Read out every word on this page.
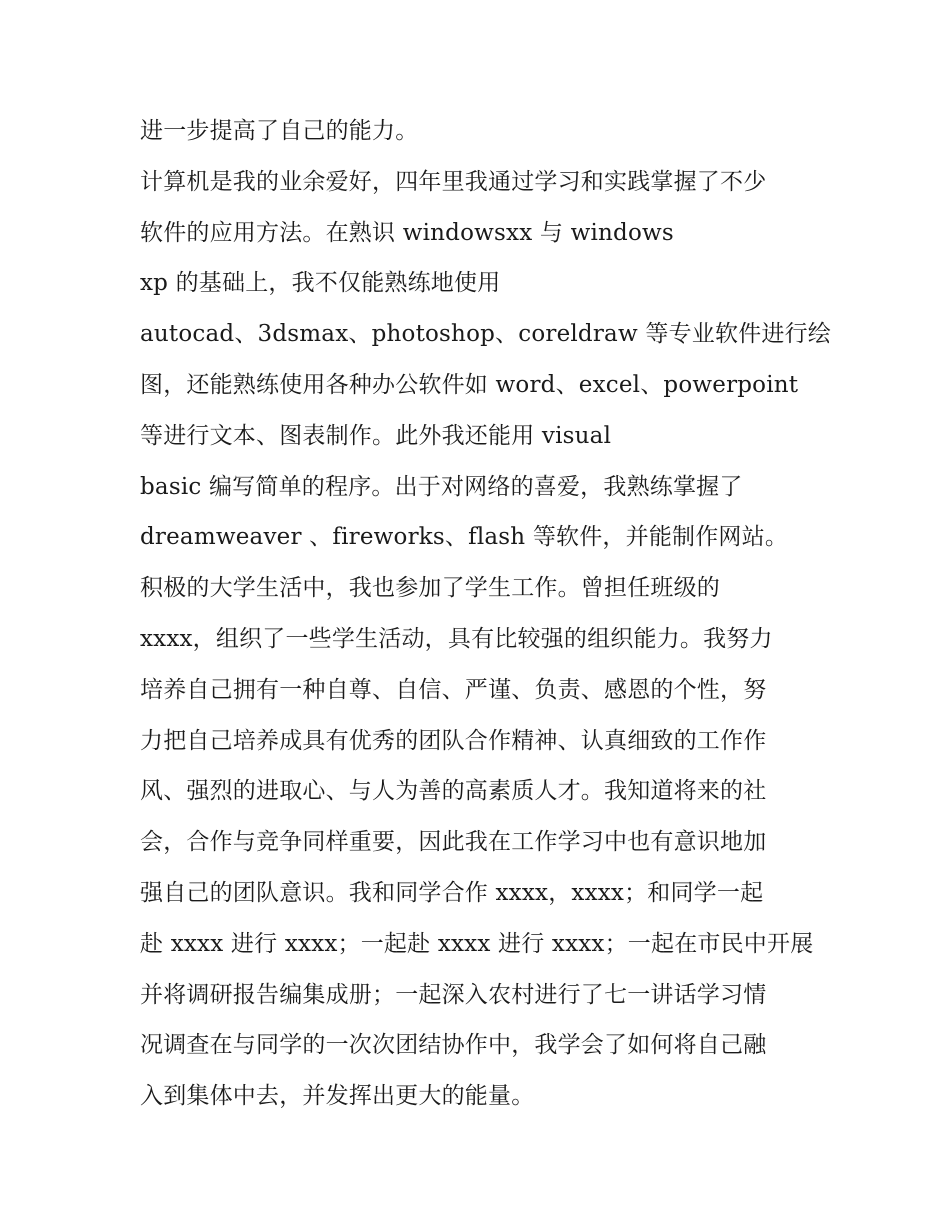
进一步提高了自己的能力。
计算机是我的业余爱好，四年里我通过学习和实践掌握了不少
软件的应用方法。在熟识 windowsxx 与 windows
xp 的基础上，我不仅能熟练地使用
autocad、3dsmax、photoshop、coreldraw 等专业软件进行绘
图，还能熟练使用各种办公软件如 word、excel、powerpoint
等进行文本、图表制作。此外我还能用 visual
basic 编写简单的程序。出于对网络的喜爱，我熟练掌握了
dreamweaver 、fireworks、flash 等软件，并能制作网站。
积极的大学生活中，我也参加了学生工作。曾担任班级的
xxxx，组织了一些学生活动，具有比较强的组织能力。我努力
培养自己拥有一种自尊、自信、严谨、负责、感恩的个性，努
力把自己培养成具有优秀的团队合作精神、认真细致的工作作
风、强烈的进取心、与人为善的高素质人才。我知道将来的社
会，合作与竞争同样重要，因此我在工作学习中也有意识地加
强自己的团队意识。我和同学合作 xxxx，xxxx；和同学一起
赴 xxxx 进行 xxxx；一起赴 xxxx 进行 xxxx；一起在市民中开展
并将调研报告编集成册；一起深入农村进行了七一讲话学习情
况调查在与同学的一次次团结协作中，我学会了如何将自己融
入到集体中去，并发挥出更大的能量。
